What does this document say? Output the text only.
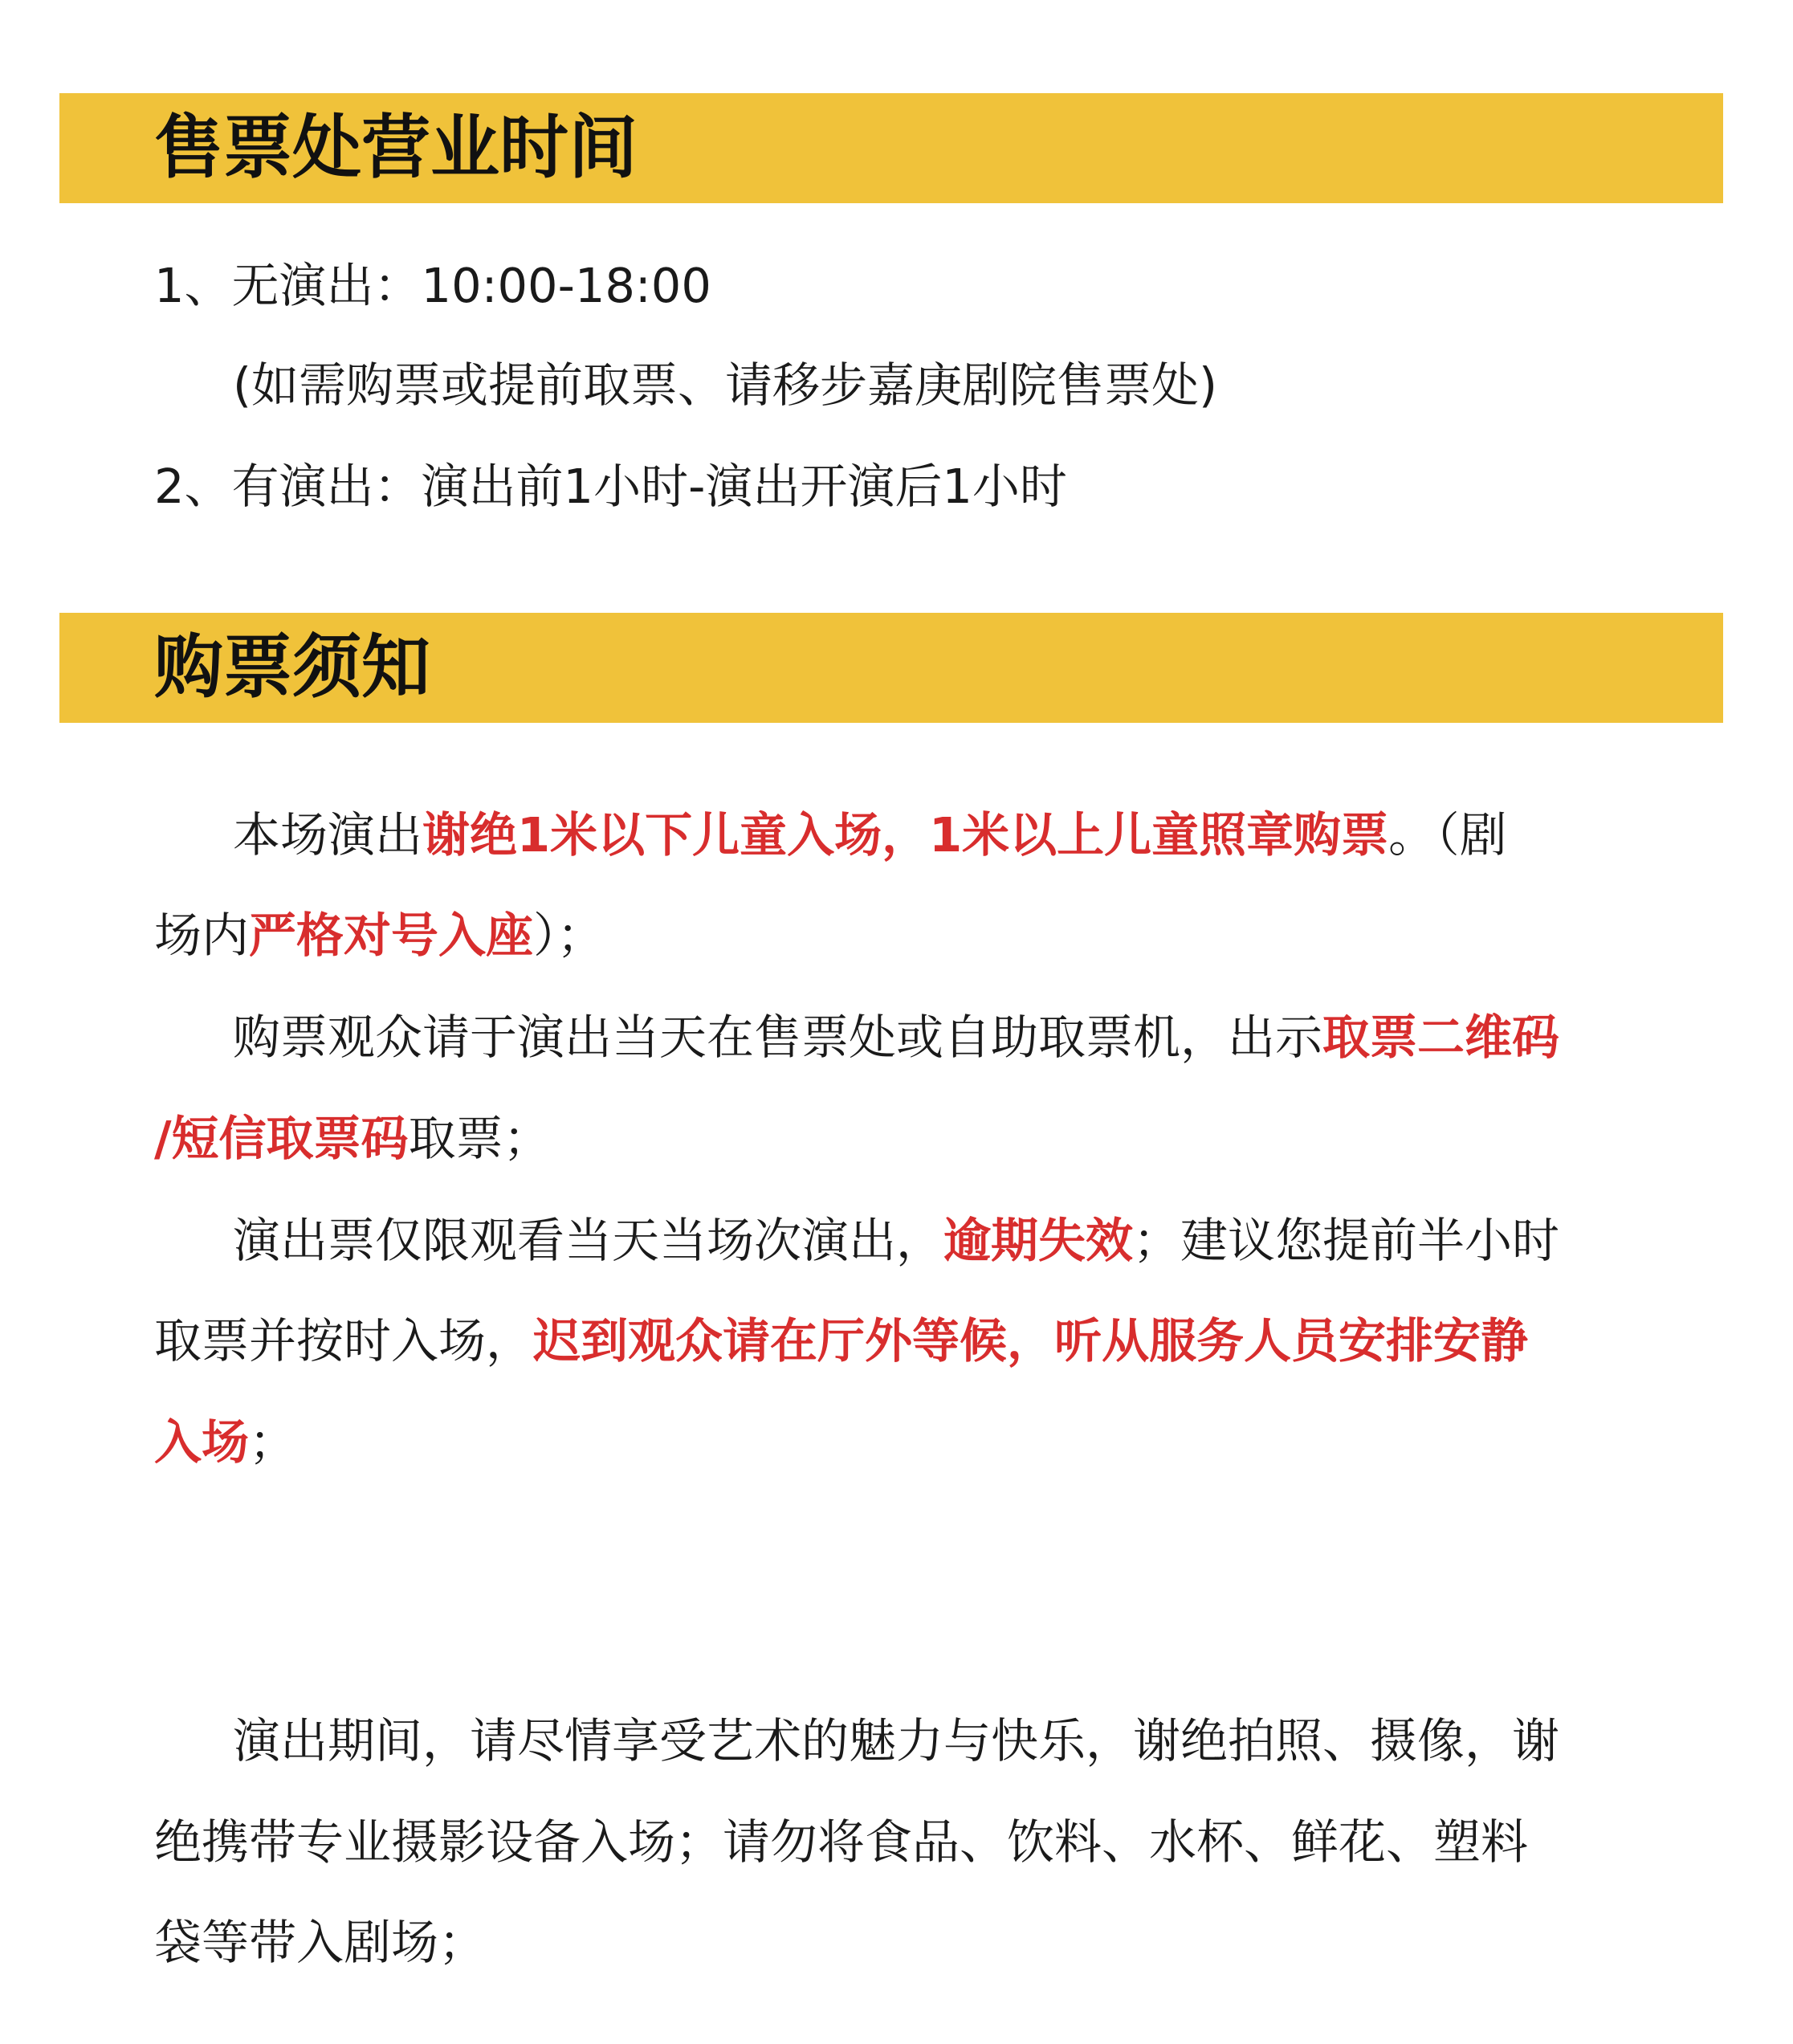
售票处营业时间
1、无演出：10:00-18:00
(如需购票或提前取票、请移步嘉庚剧院售票处)
2、有演出：演出前1小时-演出开演后1小时
购票须知
本场演出谢绝1米以下儿童入场，1米以上儿童照章购票。（剧
场内严格对号入座）；
购票观众请于演出当天在售票处或自助取票机，出示取票二维码
/短信取票码取票；
演出票仅限观看当天当场次演出，逾期失效；建议您提前半小时
取票并按时入场，迟到观众请在厅外等候，听从服务人员安排安静
入场；
演出期间，请尽情享受艺术的魅力与快乐，谢绝拍照、摄像，谢
绝携带专业摄影设备入场；请勿将食品、饮料、水杯、鲜花、塑料
袋等带入剧场；
